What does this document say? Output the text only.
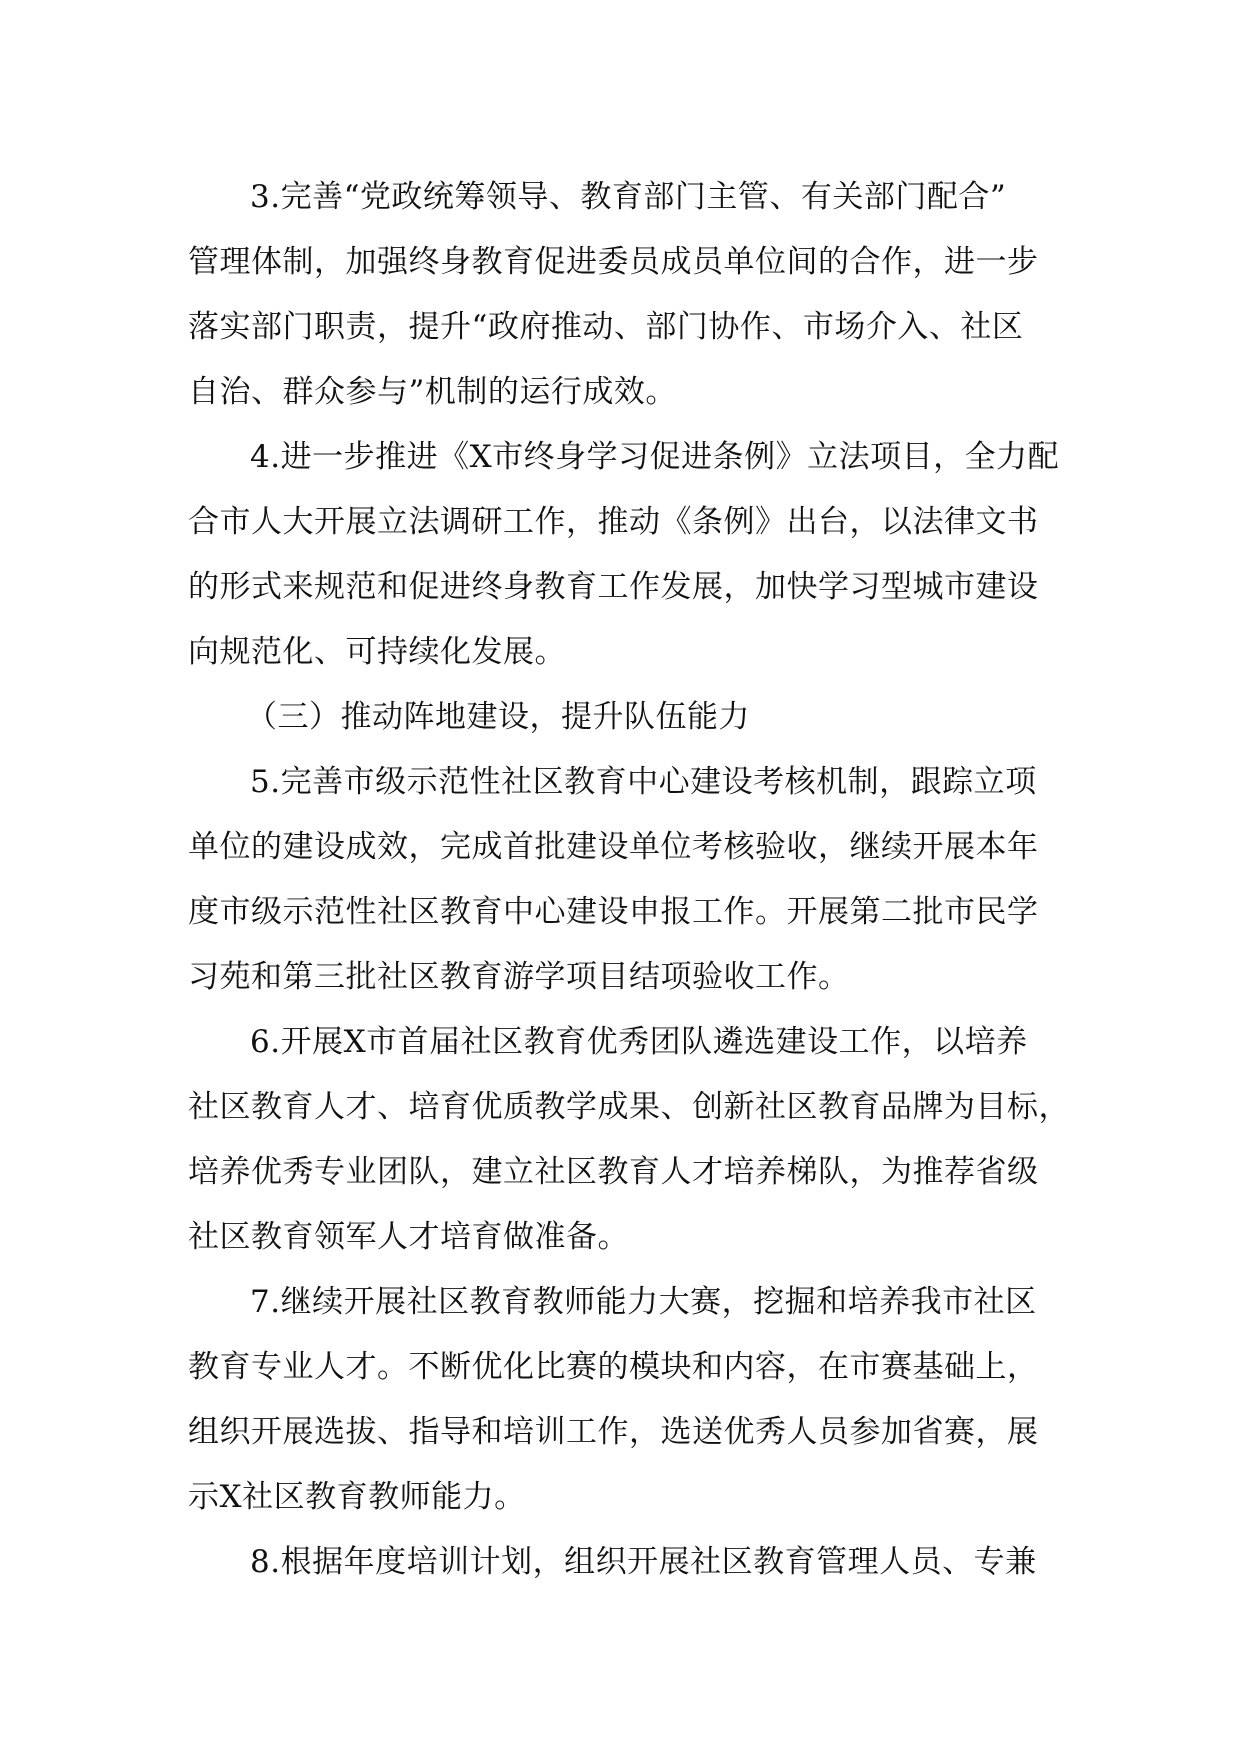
3.完善“党政统筹领导、教育部门主管、有关部门配合”
管理体制，加强终身教育促进委员成员单位间的合作，进一步
落实部门职责，提升“政府推动、部门协作、市场介入、社区
自治、群众参与”机制的运行成效。

4.进一步推进《X市终身学习促进条例》立法项目，全力配
合市人大开展立法调研工作，推动《条例》出台，以法律文书
的形式来规范和促进终身教育工作发展，加快学习型城市建设
向规范化、可持续化发展。

（三）推动阵地建设，提升队伍能力

5.完善市级示范性社区教育中心建设考核机制，跟踪立项
单位的建设成效，完成首批建设单位考核验收，继续开展本年
度市级示范性社区教育中心建设申报工作。开展第二批市民学
习苑和第三批社区教育游学项目结项验收工作。

6.开展X市首届社区教育优秀团队遴选建设工作，以培养
社区教育人才、培育优质教学成果、创新社区教育品牌为目标，
培养优秀专业团队，建立社区教育人才培养梯队，为推荐省级
社区教育领军人才培育做准备。

7.继续开展社区教育教师能力大赛，挖掘和培养我市社区
教育专业人才。不断优化比赛的模块和内容，在市赛基础上，
组织开展选拔、指导和培训工作，选送优秀人员参加省赛，展
示X社区教育教师能力。

8.根据年度培训计划，组织开展社区教育管理人员、专兼
